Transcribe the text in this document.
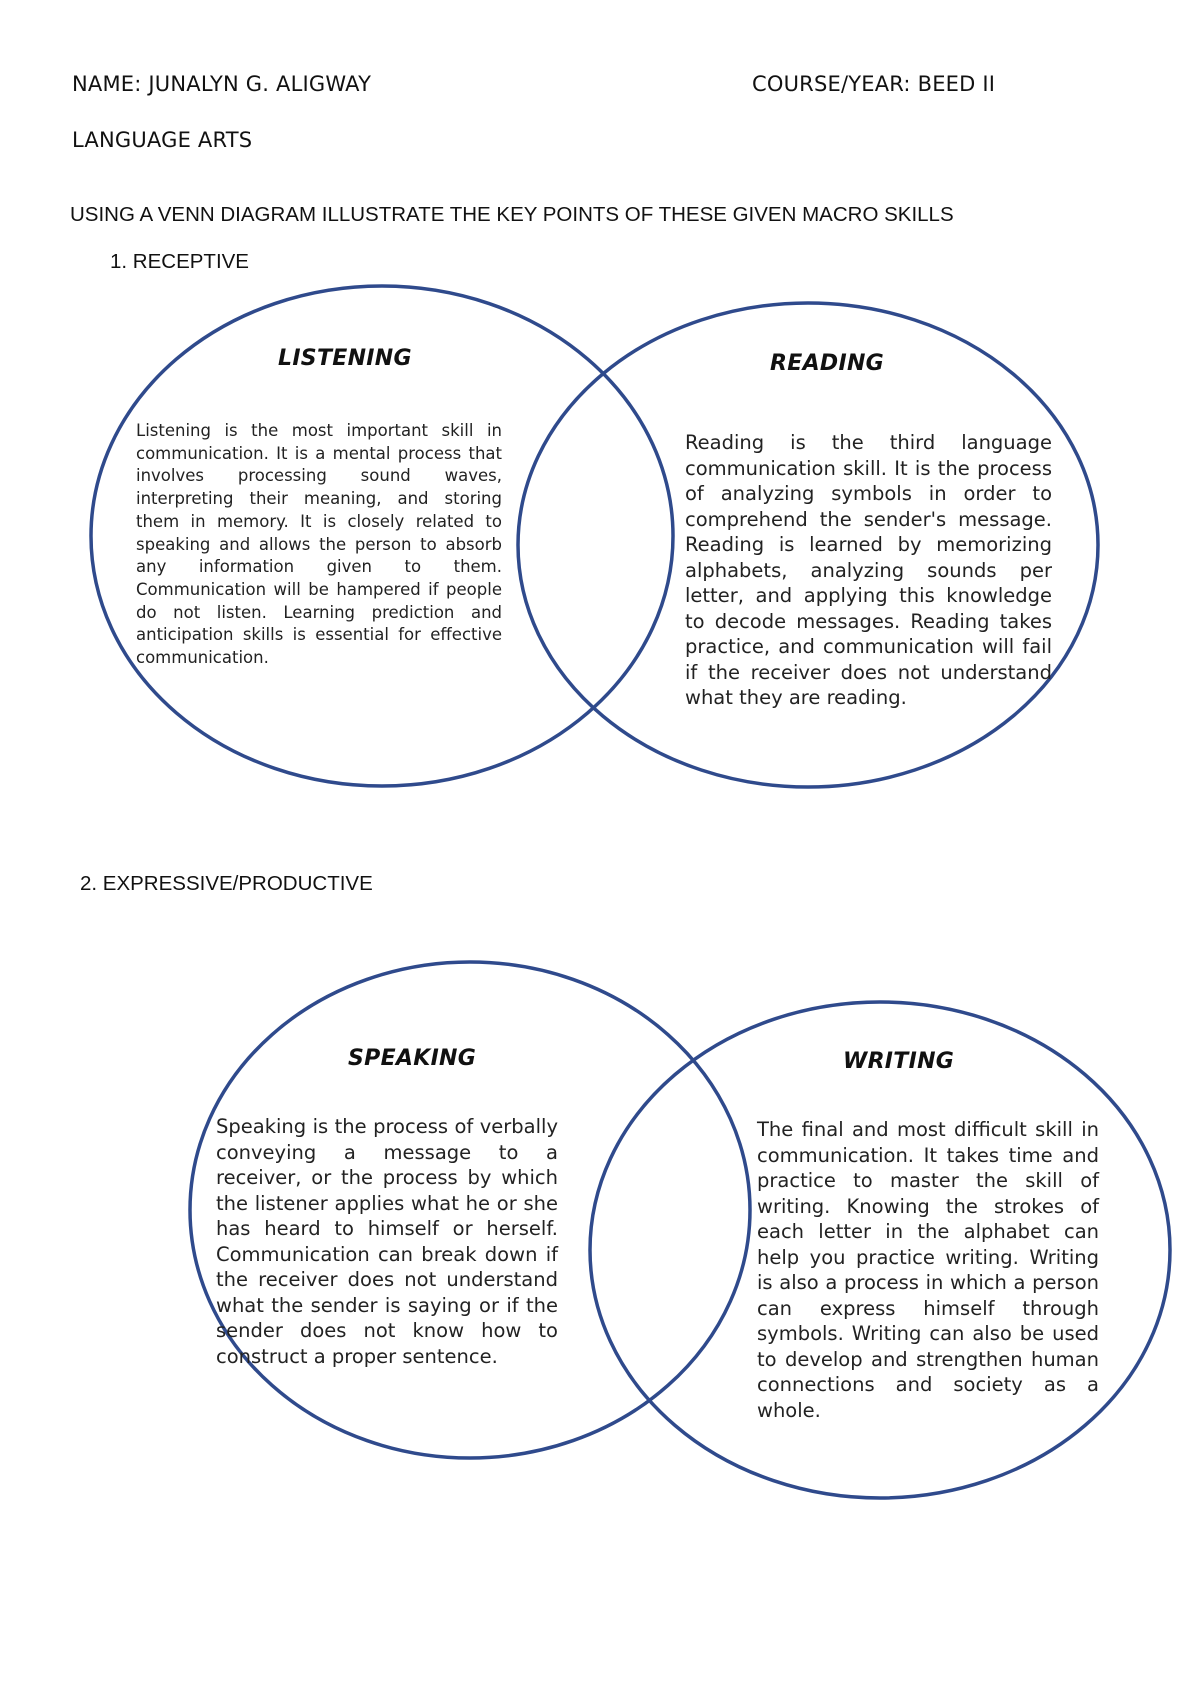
NAME: JUNALYN G. ALIGWAY	COURSE/YEAR: BEED II
LANGUAGE ARTS
USING A VENN DIAGRAM ILLUSTRATE THE KEY POINTS OF THESE GIVEN MACRO SKILLS
1. RECEPTIVE
2. EXPRESSIVE/PRODUCTIVE
LISTENING
Listening is the most important skill in communication. It is a mental process that involves processing sound waves, interpreting their meaning, and storing them in memory. It is closely related to speaking and allows the person to absorb any information given to them. Communication will be hampered if people do not listen. Learning prediction and anticipation skills is essential for effective communication.
READING
Reading is the third language communication skill. It is the process of analyzing symbols in order to comprehend the sender's message. Reading is learned by memorizing alphabets, analyzing sounds per letter, and applying this knowledge to decode messages. Reading takes practice, and communication will fail if the receiver does not understand what they are reading.
SPEAKING
Speaking is the process of verbally conveying a message to a receiver, or the process by which the listener applies what he or she has heard to himself or herself. Communication can break down if the receiver does not understand what the sender is saying or if the sender does not know how to construct a proper sentence.
WRITING
The final and most difficult skill in communication. It takes time and practice to master the skill of writing. Knowing the strokes of each letter in the alphabet can help you practice writing. Writing is also a process in which a person can express himself through symbols. Writing can also be used to develop and strengthen human connections and society as a whole.
